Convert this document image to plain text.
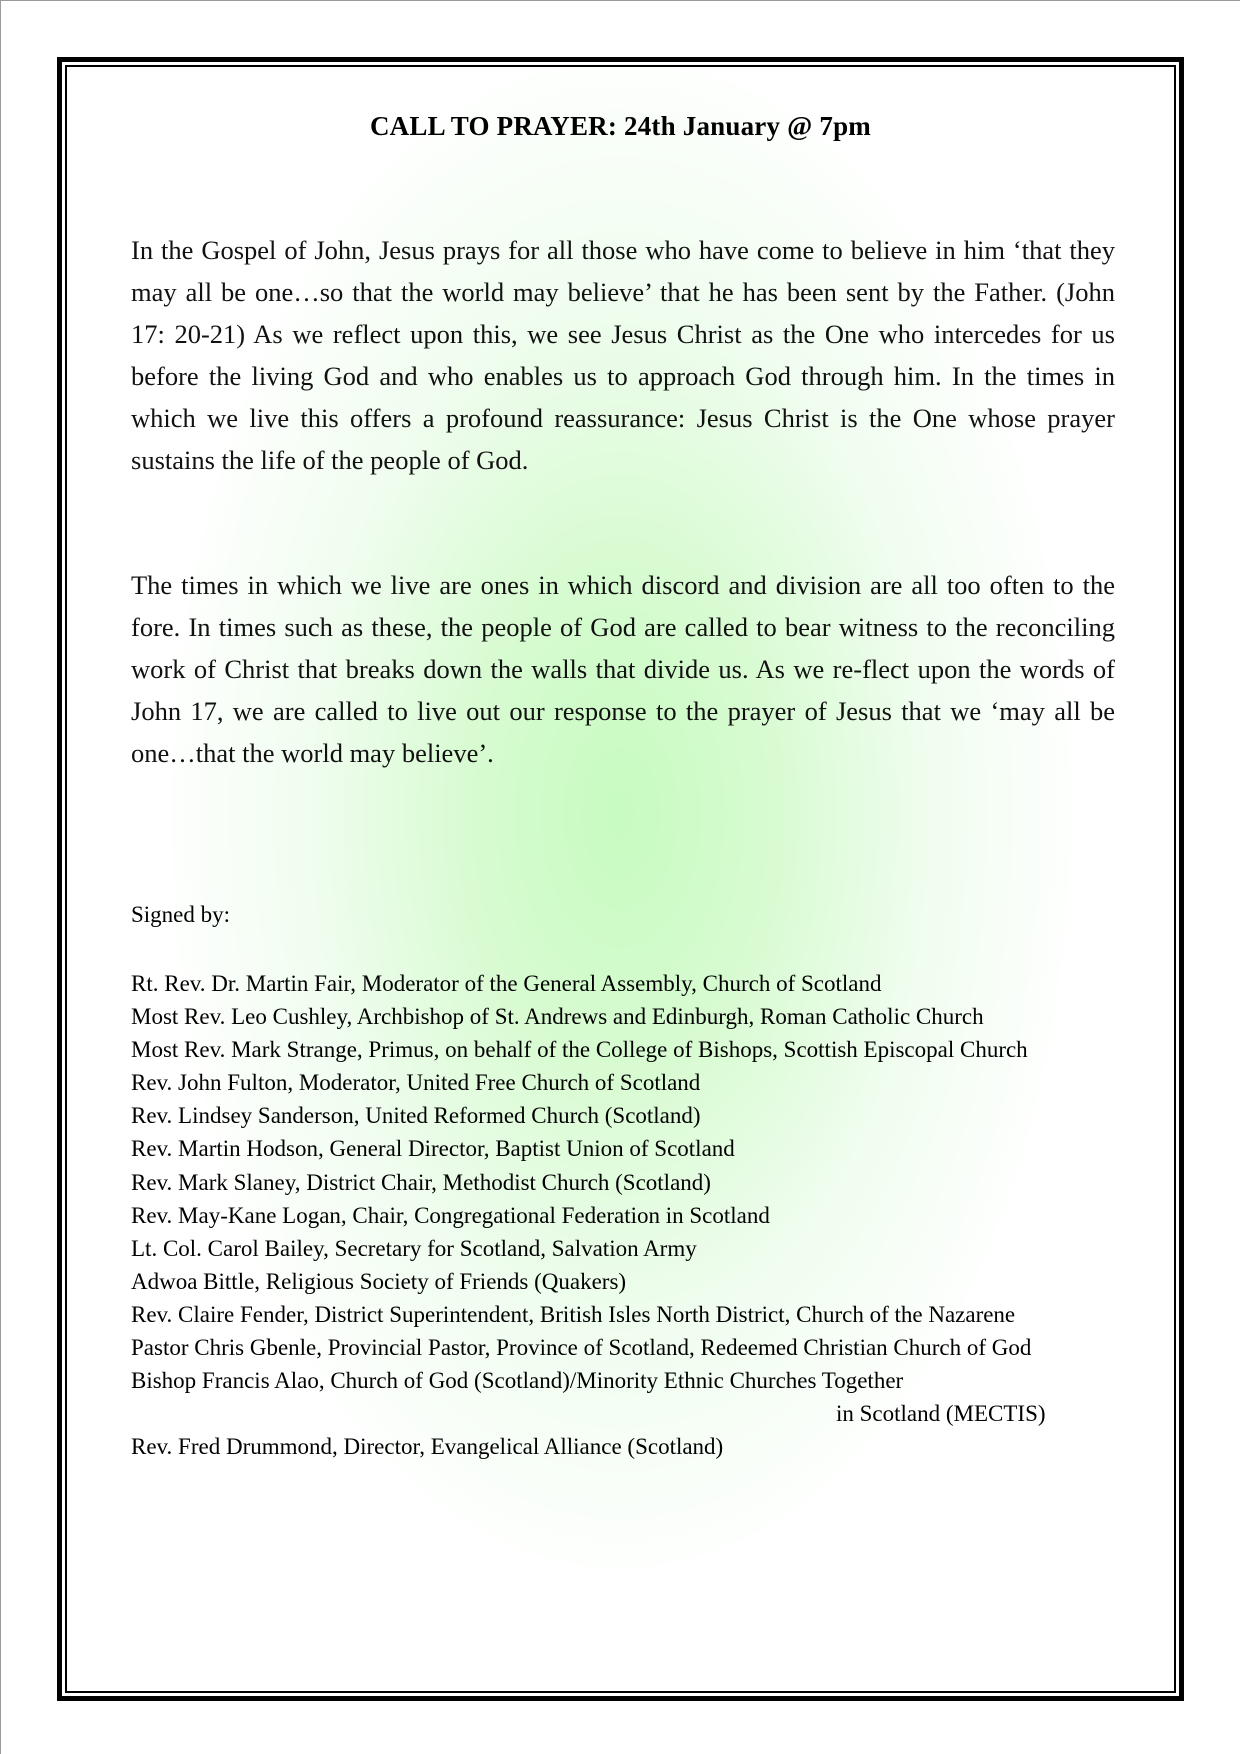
CALL TO PRAYER: 24th January @ 7pm
In the Gospel of John, Jesus prays for all those who have come to believe in him ‘that they may all be one…so that the world may believe’ that he has been sent by the Father. (John 17: 20-21) As we reflect upon this, we see Jesus Christ as the One who intercedes for us before the living God and who enables us to approach God through him. In the times in which we live this offers a profound reassurance: Jesus Christ is the One whose prayer sustains the life of the people of God.
The times in which we live are ones in which discord and division are all too often to the fore. In times such as these, the people of God are called to bear witness to the reconciling work of Christ that breaks down the walls that divide us. As we re-flect upon the words of John 17, we are called to live out our response to the prayer of Jesus that we ‘may all be one…that the world may believe’.
Signed by:
Rt. Rev. Dr. Martin Fair, Moderator of the General Assembly, Church of Scotland
Most Rev. Leo Cushley, Archbishop of St. Andrews and Edinburgh, Roman Catholic Church
Most Rev. Mark Strange, Primus, on behalf of the College of Bishops, Scottish Episcopal Church
Rev. John Fulton, Moderator, United Free Church of Scotland
Rev. Lindsey Sanderson, United Reformed Church (Scotland)
Rev. Martin Hodson, General Director, Baptist Union of Scotland
Rev. Mark Slaney, District Chair, Methodist Church (Scotland)
Rev. May-Kane Logan, Chair, Congregational Federation in Scotland
Lt. Col. Carol Bailey, Secretary for Scotland, Salvation Army
Adwoa Bittle, Religious Society of Friends (Quakers)
Rev. Claire Fender, District Superintendent, British Isles North District, Church of the Nazarene
Pastor Chris Gbenle, Provincial Pastor, Province of Scotland, Redeemed Christian Church of God
Bishop Francis Alao, Church of God (Scotland)/Minority Ethnic Churches Together
in Scotland (MECTIS)
Rev. Fred Drummond, Director, Evangelical Alliance (Scotland)
